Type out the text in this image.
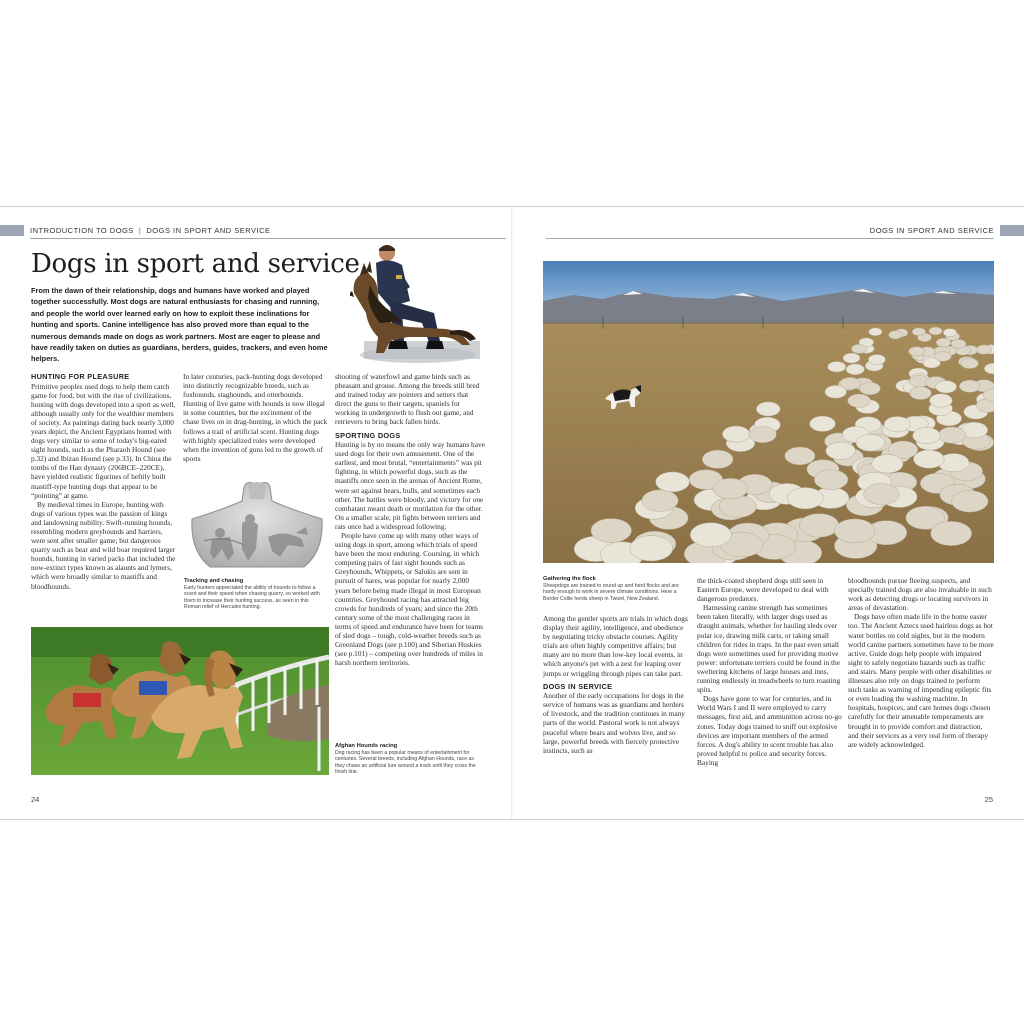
INTRODUCTION TO DOGS | DOGS IN SPORT AND SERVICE	DOGS IN SPORT AND SERVICE
Dogs in sport and service

From the dawn of their relationship, dogs and humans have worked and played together successfully. Most dogs are natural enthusiasts for chasing and running, and people the world over learned early on how to exploit these inclinations for hunting and sports. Canine intelligence has also proved more than equal to the numerous demands made on dogs as work partners. Most are eager to please and have readily taken on duties as guardians, herders, guides, trackers, and even home helpers.

HUNTING FOR PLEASURE

Primitive peoples used dogs to help them catch game for food, but with the rise of civilizations, hunting with dogs developed into a sport as well, although usually only for the wealthier members of society. As paintings dating back nearly 3,000 years depict, the Ancient Egyptians hunted with dogs very similar to some of today's big-eared sight hounds, such as the Pharaoh Hound (see p.32) and Ibizan Hound (see p.33). In China the tombs of the Han dynasty (206BCE–220CE), have yielded realistic figurines of heftily built mastiff-type hunting dogs that appear to be “pointing” at game.

By medieval times in Europe, hunting with dogs of various types was the passion of kings and landowning nobility. Swift-running hounds, resembling modern greyhounds and harriers, were sent after smaller game; but dangerous quarry such as bear and wild boar required larger hounds, hunting in varied packs that included the now-extinct types known as alaunts and lymers, which were broadly similar to mastiffs and bloodhounds.

In later centuries, pack-hunting dogs developed into distinctly recognizable breeds, such as foxhounds, staghounds, and otterhounds. Hunting of live game with hounds is now illegal in some countries, but the excitement of the chase lives on in drag-hunting, in which the pack follows a trail of artificial scent. Hunting dogs with highly specialized roles were developed when the invention of guns led to the growth of sports

Tracking and chasing
Early hunters appreciated the ability of hounds to follow a scent and their speed when chasing quarry, so worked with them to increase their hunting success, as seen in this Roman relief of Hercules hunting.
Afghan Hounds racing
Dog racing has been a popular means of entertainment for centuries. Several breeds, including Afghan Hounds, race as they chase an artificial lure around a track until they cross the finish line.

shooting of waterfowl and game birds such as pheasant and grouse. Among the breeds still bred and trained today are pointers and setters that direct the guns to their targets, spaniels for working in undergrowth to flush out game, and retrievers to bring back fallen birds.

SPORTING DOGS

Hunting is by no means the only way humans have used dogs for their own amusement. One of the earliest, and most brutal, “entertainments” was pit fighting, in which powerful dogs, such as the mastiffs once seen in the arenas of Ancient Rome, were set against bears, bulls, and sometimes each other. The battles were bloody, and victory for one combatant meant death or mutilation for the other. On a smaller scale, pit fights between terriers and rats once had a widespread following.

People have come up with many other ways of using dogs in sport, among which trials of speed have been the most enduring. Coursing, in which competing pairs of fast sight hounds such as Greyhounds, Whippets, or Salukis are sent in pursuit of hares, was popular for nearly 2,000 years before being made illegal in most European countries. Greyhound racing has attracted big crowds for hundreds of years; and since the 20th century some of the most challenging races in terms of speed and endurance have been for teams of sled dogs – tough, cold-weather breeds such as Greenland Dogs (see p.100) and Siberian Huskies (see p.101) – competing over hundreds of miles in harsh northern territories.

Gathering the flock
Sheepdogs are trained to round up and herd flocks and are hardy enough to work in severe climate conditions. Here a Border Collie herds sheep in Twizel, New Zealand.

Among the gentler sports are trials in which dogs display their agility, intelligence, and obedience by negotiating tricky obstacle courses. Agility trials are often highly competitive affairs; but many are no more than low-key local events, in which anyone's pet with a zest for leaping over jumps or wriggling through pipes can take part.

DOGS IN SERVICE

Another of the early occupations for dogs in the service of humans was as guardians and herders of livestock, and the tradition continues in many parts of the world. Pastoral work is not always peaceful where bears and wolves live, and so large, powerful breeds with fiercely protective instincts, such as

the thick-coated shepherd dogs still seen in Eastern Europe, were developed to deal with dangerous predators.

Harnessing canine strength has sometimes been taken literally, with larger dogs used as draught animals, whether for hauling sleds over polar ice, drawing milk carts, or taking small children for rides in traps. In the past even small dogs were sometimes used for providing motive power: unfortunate terriers could be found in the sweltering kitchens of large houses and inns, running endlessly in treadwheels to turn roasting spits.

Dogs have gone to war for centuries, and in World Wars I and II were employed to carry messages, first aid, and ammunition across no-go zones. Today dogs trained to sniff out explosive devices are important members of the armed forces. A dog's ability to scent trouble has also proved helpful to police and security forces. Baying

bloodhounds pursue fleeing suspects, and specially trained dogs are also invaluable in such work as detecting drugs or locating survivors in areas of devastation.

Dogs have often made life in the home easier too. The Ancient Aztecs used hairless dogs as hot water bottles on cold nights, but in the modern world canine partners sometimes have to be more active. Guide dogs help people with impaired sight to safely negotiate hazards such as traffic and stairs. Many people with other disabilities or illnesses also rely on dogs trained to perform such tasks as warning of impending epileptic fits or even loading the washing machine. In hospitals, hospices, and care homes dogs chosen carefully for their amenable temperaments are brought in to provide comfort and distraction, and their services as a very real form of therapy are widely acknowledged.

24	25
